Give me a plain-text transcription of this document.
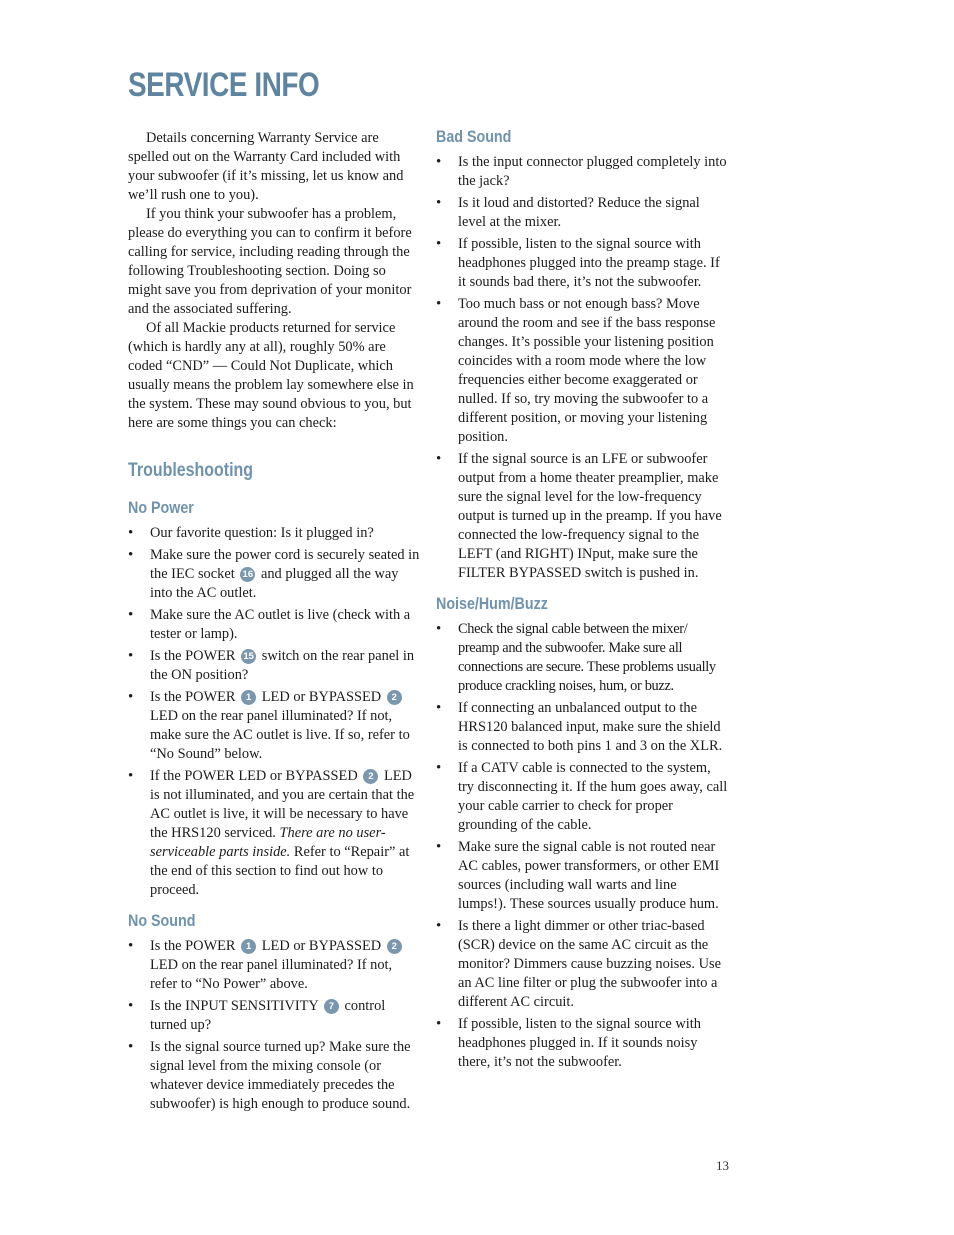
SERVICE INFO

Details concerning Warranty Service are spelled out on the Warranty Card included with your subwoofer (if it’s missing, let us know and we’ll rush one to you).

If you think your subwoofer has a problem, please do everything you can to confirm it before calling for service, including reading through the following Troubleshooting section. Doing so might save you from deprivation of your monitor and the associated suffering.

Of all Mackie products returned for service (which is hardly any at all), roughly 50% are coded “CND” — Could Not Duplicate, which usually means the problem lay somewhere else in the system. These may sound obvious to you, but here are some things you can check:

Troubleshooting
No Power
• Our favorite question: Is it plugged in?
• Make sure the power cord is securely seated in the IEC socket 16 and plugged all the way into the AC outlet.
• Make sure the AC outlet is live (check with a tester or lamp).
• Is the POWER 15 switch on the rear panel in the ON position?
• Is the POWER 1 LED or BYPASSED 2 LED on the rear panel illuminated? If not, make sure the AC outlet is live. If so, refer to “No Sound” below.
• If the POWER LED or BYPASSED 2 LED is not illuminated, and you are certain that the AC outlet is live, it will be necessary to have the HRS120 serviced. There are no user-serviceable parts inside. Refer to “Repair” at the end of this section to find out how to proceed.
No Sound
• Is the POWER 1 LED or BYPASSED 2 LED on the rear panel illuminated? If not, refer to “No Power” above.
• Is the INPUT SENSITIVITY 7 control turned up?
• Is the signal source turned up? Make sure the signal level from the mixing console (or whatever device immediately precedes the subwoofer) is high enough to produce sound.
Bad Sound
• Is the input connector plugged completely into the jack?
• Is it loud and distorted? Reduce the signal level at the mixer.
• If possible, listen to the signal source with headphones plugged into the preamp stage. If it sounds bad there, it’s not the subwoofer.
• Too much bass or not enough bass? Move around the room and see if the bass response changes. It’s possible your listening position coincides with a room mode where the low frequencies either become exaggerated or nulled. If so, try moving the subwoofer to a different position, or moving your listening position.
• If the signal source is an LFE or subwoofer output from a home theater preamplier, make sure the signal level for the low-frequency output is turned up in the preamp. If you have connected the low-frequency signal to the LEFT (and RIGHT) INput, make sure the FILTER BYPASSED switch is pushed in.
Noise/Hum/Buzz
• Check the signal cable between the mixer/ preamp and the subwoofer. Make sure all connections are secure. These problems usually produce crackling noises, hum, or buzz.
• If connecting an unbalanced output to the HRS120 balanced input, make sure the shield is connected to both pins 1 and 3 on the XLR.
• If a CATV cable is connected to the system, try disconnecting it. If the hum goes away, call your cable carrier to check for proper grounding of the cable.
• Make sure the signal cable is not routed near AC cables, power transformers, or other EMI sources (including wall warts and line lumps!). These sources usually produce hum.
• Is there a light dimmer or other triac-based (SCR) device on the same AC circuit as the monitor? Dimmers cause buzzing noises. Use an AC line filter or plug the subwoofer into a different AC circuit.
• If possible, listen to the signal source with headphones plugged in. If it sounds noisy there, it’s not the subwoofer.
13
